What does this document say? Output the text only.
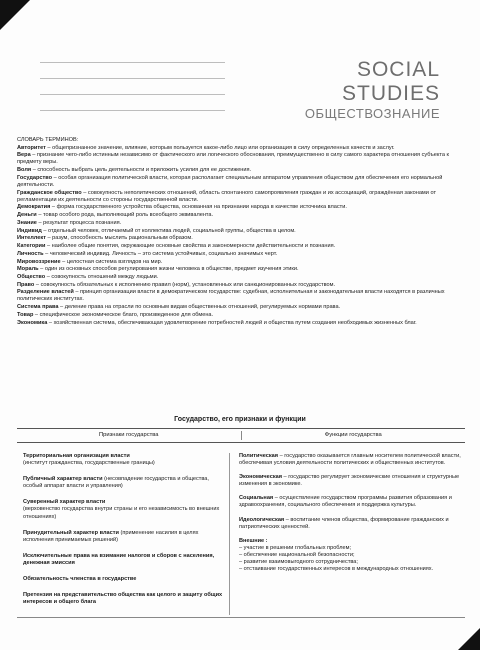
SOCIAL
STUDIES
ОБЩЕСТВОЗНАНИЕ
СЛОВАРЬ ТЕРМИНОВ:

Авторитет – общепризнанное значение, влияние, которым пользуется какое-либо лицо или организация в силу определенных качеств и заслуг.

Вера – признание чего-либо истинным независимо от фактического или логического обоснования, преимущественно в силу самого характера отношения субъекта к предмету веры.

Воля – способность выбрать цель деятельности и приложить усилия для ее достижения.

Государство – особая организация политической власти, которая располагает специальным аппаратом управления обществом для обеспечения его нормальной деятельности.

Гражданское общество – совокупность неполитических отношений, область спонтанного самопроявления граждан и их ассоциаций, ограждённая законами от регламентации их деятельности со стороны государственной власти.

Демократия – форма государственного устройства общества, основанная на признании народа в качестве источника власти.

Деньги – товар особого рода, выполняющий роль всеобщего эквивалента.

Знание – результат процесса познания.

Индивид – отдельный человек, отличаемый от коллектива людей, социальной группы, общества в целом.

Интеллект – разум, способность мыслить рациональным образом.

Категории – наиболее общие понятия, окружающие основные свойства и закономерности действительности и познания.

Личность – человеческий индивид. Личность – это система устойчивых, социально значимых черт.

Мировоззрение – целостная система взглядов на мир.

Мораль – один из основных способов регулирования жизни человека в обществе, предмет изучения этики.

Общество – совокупность отношений между людьми.

Право – совокупность обязательных к исполнению правил (норм), установленных или санкционированных государством.

Разделение властей – принцип организации власти в демократическом государстве: судебная, исполнительная и законодательная власти находятся в различных политических институтах.

Система права – деление права на отрасли по основным видам общественных отношений, регулируемых нормами права.

Товар – специфическое экономическое благо, произведенное для обмена.

Экономика – хозяйственная система, обеспечивающая удовлетворение потребностей людей и общества путем создания необходимых жизненных благ.

Государство, его признаки и функции
Признаки государства	Функции государства
Территориальная организация власти
(институт гражданства, государственные границы)
Публичный характер власти (несовпадение государства и общества, особый аппарат власти и управления)
Суверенный характер власти
(верховенство государства внутри страны и его независимость во внешних отношениях)
Принудительный характер власти (применение насилия в целях исполнения принимаемых решений)
Исключительные права на взимание налогов и сборов с населения, денежная эмиссия
Обязательность членства в государстве
Претензия на представительство общества как целого и защиту общих интересов и общего блага
Политическая – государство оказывается главным носителем политической власти, обеспечивая условия деятельности политических и общественных институтов.
Экономическая – государство регулирует экономические отношения и структурные изменения в экономике.
Социальная – осуществление государством программы развития образования и здравоохранения, социального обеспечения и поддержка культуры.
Идеологическая – воспитание членов общества, формирование гражданских и патриотических ценностей.
Внешние :
– участие в решении глобальных проблем;
– обеспечение национальной безопасности;
– развитие взаимовыгодного сотрудничества;
– отстаивание государственных интересов в международных отношениях.
